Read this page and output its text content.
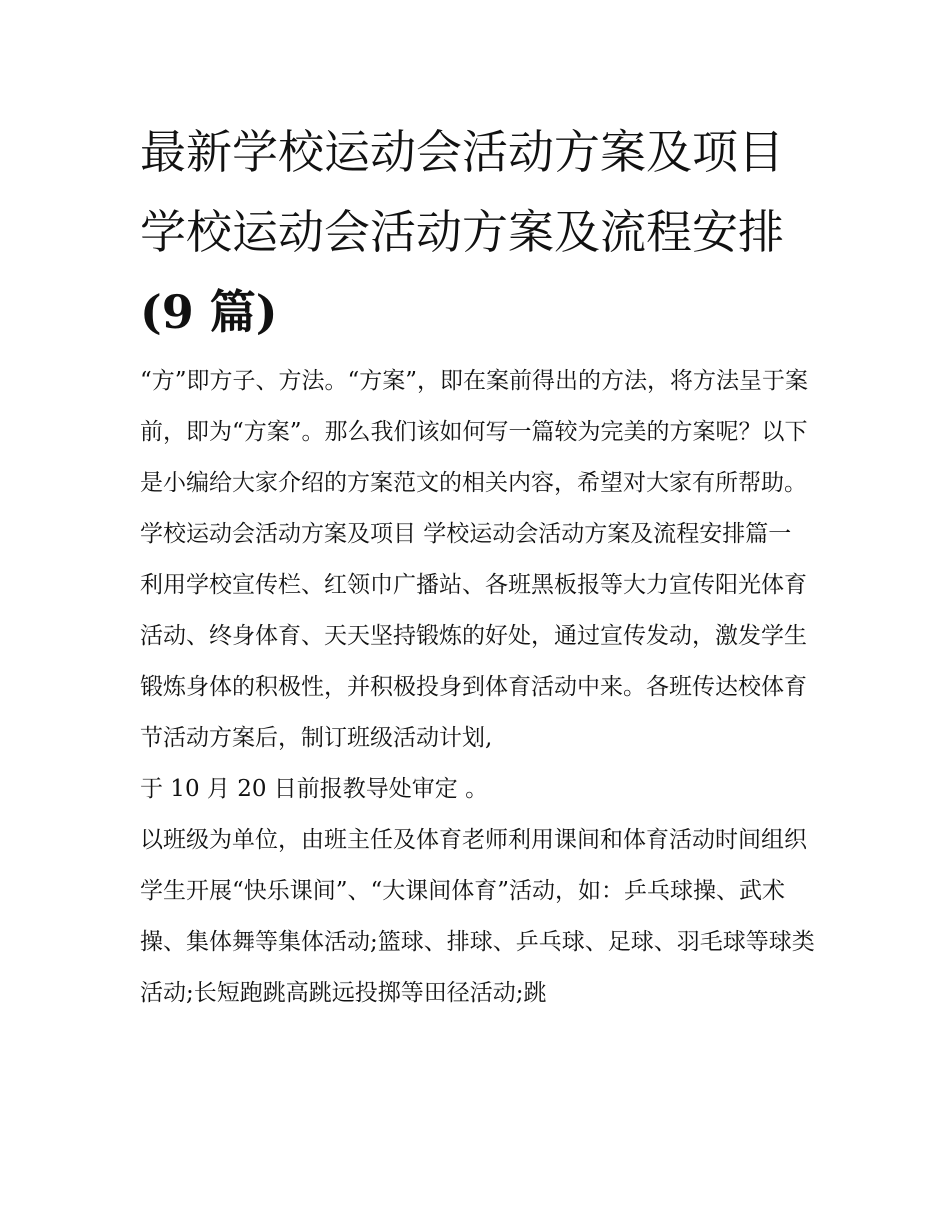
最新学校运动会活动方案及项目 学校运动会活动方案及流程安排(9 篇)

“方”即方子、方法。“方案”，即在案前得出的方法，将方法呈于案前，即为“方案”。那么我们该如何写一篇较为完美的方案呢？以下是小编给大家介绍的方案范文的相关内容，希望对大家有所帮助。

学校运动会活动方案及项目 学校运动会活动方案及流程安排篇一

利用学校宣传栏、红领巾广播站、各班黑板报等大力宣传阳光体育活动、终身体育、天天坚持锻炼的好处，通过宣传发动，激发学生锻炼身体的积极性，并积极投身到体育活动中来。各班传达校体育节活动方案后，制订班级活动计划,

于 10 月 20 日前报教导处审定 。

以班级为单位，由班主任及体育老师利用课间和体育活动时间组织学生开展“快乐课间”、“大课间体育”活动，如：乒乓球操、武术操、集体舞等集体活动;篮球、排球、乒乓球、足球、羽毛球等球类活动;长短跑跳高跳远投掷等田径活动;跳
